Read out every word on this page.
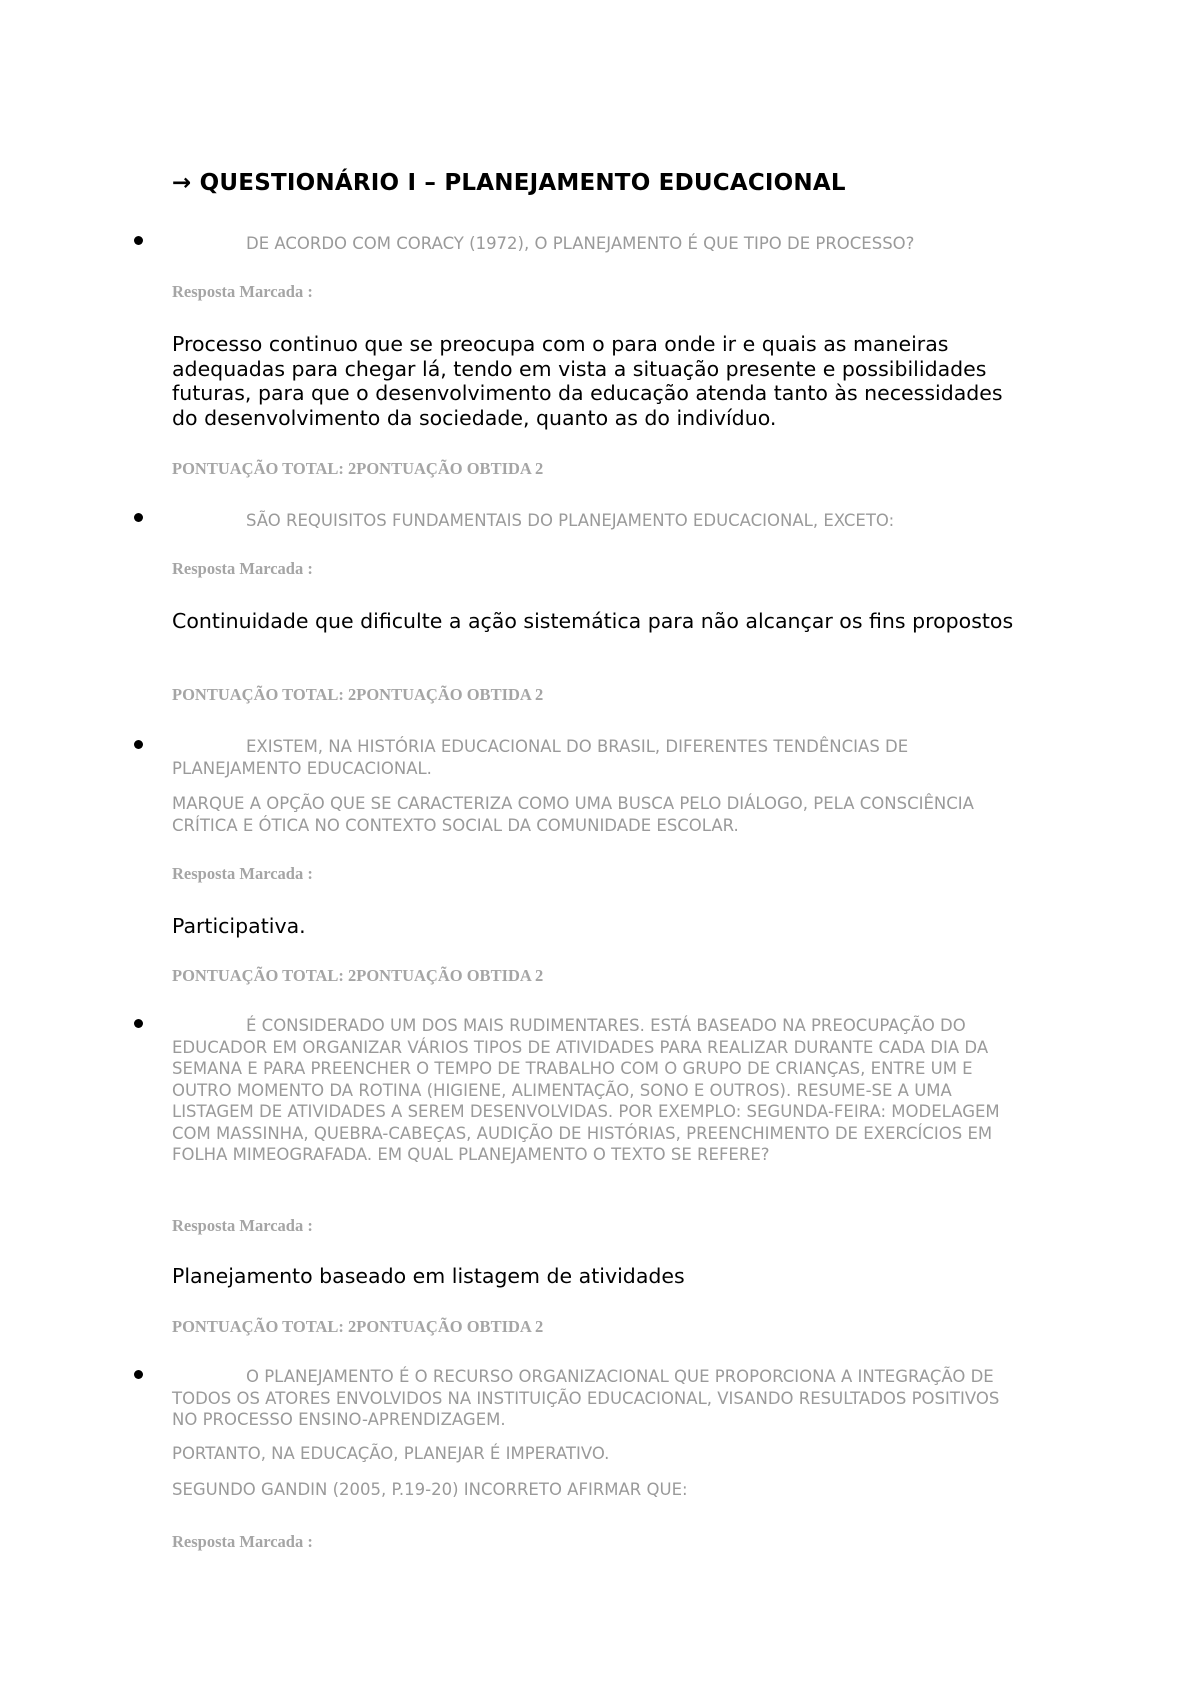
→ QUESTIONÁRIO I – PLANEJAMENTO EDUCACIONAL

DE ACORDO COM CORACY (1972), O PLANEJAMENTO É QUE TIPO DE PROCESSO?

Resposta Marcada :

Processo continuo que se preocupa com o para onde ir e quais as maneiras adequadas para chegar lá, tendo em vista a situação presente e possibilidades futuras, para que o desenvolvimento da educação atenda tanto às necessidades do desenvolvimento da sociedade, quanto as do indivíduo.

PONTUAÇÃO TOTAL: 2PONTUAÇÃO OBTIDA 2

SÃO REQUISITOS FUNDAMENTAIS DO PLANEJAMENTO EDUCACIONAL, EXCETO:

Resposta Marcada :

Continuidade que dificulte a ação sistemática para não alcançar os fins propostos

PONTUAÇÃO TOTAL: 2PONTUAÇÃO OBTIDA 2

EXISTEM, NA HISTÓRIA EDUCACIONAL DO BRASIL, DIFERENTES TENDÊNCIAS DE PLANEJAMENTO EDUCACIONAL.

MARQUE A OPÇÃO QUE SE CARACTERIZA COMO UMA BUSCA PELO DIÁLOGO, PELA CONSCIÊNCIA CRÍTICA E ÓTICA NO CONTEXTO SOCIAL DA COMUNIDADE ESCOLAR.

Resposta Marcada :

Participativa.

PONTUAÇÃO TOTAL: 2PONTUAÇÃO OBTIDA 2

É CONSIDERADO UM DOS MAIS RUDIMENTARES. ESTÁ BASEADO NA PREOCUPAÇÃO DO EDUCADOR EM ORGANIZAR VÁRIOS TIPOS DE ATIVIDADES PARA REALIZAR DURANTE CADA DIA DA SEMANA E PARA PREENCHER O TEMPO DE TRABALHO COM O GRUPO DE CRIANÇAS, ENTRE UM E OUTRO MOMENTO DA ROTINA (HIGIENE, ALIMENTAÇÃO, SONO E OUTROS). RESUME-SE A UMA LISTAGEM DE ATIVIDADES A SEREM DESENVOLVIDAS. POR EXEMPLO: SEGUNDA-FEIRA: MODELAGEM COM MASSINHA, QUEBRA-CABEÇAS, AUDIÇÃO DE HISTÓRIAS, PREENCHIMENTO DE EXERCÍCIOS EM FOLHA MIMEOGRAFADA. EM QUAL PLANEJAMENTO O TEXTO SE REFERE?

Resposta Marcada :

Planejamento baseado em listagem de atividades

PONTUAÇÃO TOTAL: 2PONTUAÇÃO OBTIDA 2

O PLANEJAMENTO É O RECURSO ORGANIZACIONAL QUE PROPORCIONA A INTEGRAÇÃO DE TODOS OS ATORES ENVOLVIDOS NA INSTITUIÇÃO EDUCACIONAL, VISANDO RESULTADOS POSITIVOS NO PROCESSO ENSINO-APRENDIZAGEM.

PORTANTO, NA EDUCAÇÃO, PLANEJAR É IMPERATIVO.

SEGUNDO GANDIN (2005, P.19-20) INCORRETO AFIRMAR QUE:

Resposta Marcada :
